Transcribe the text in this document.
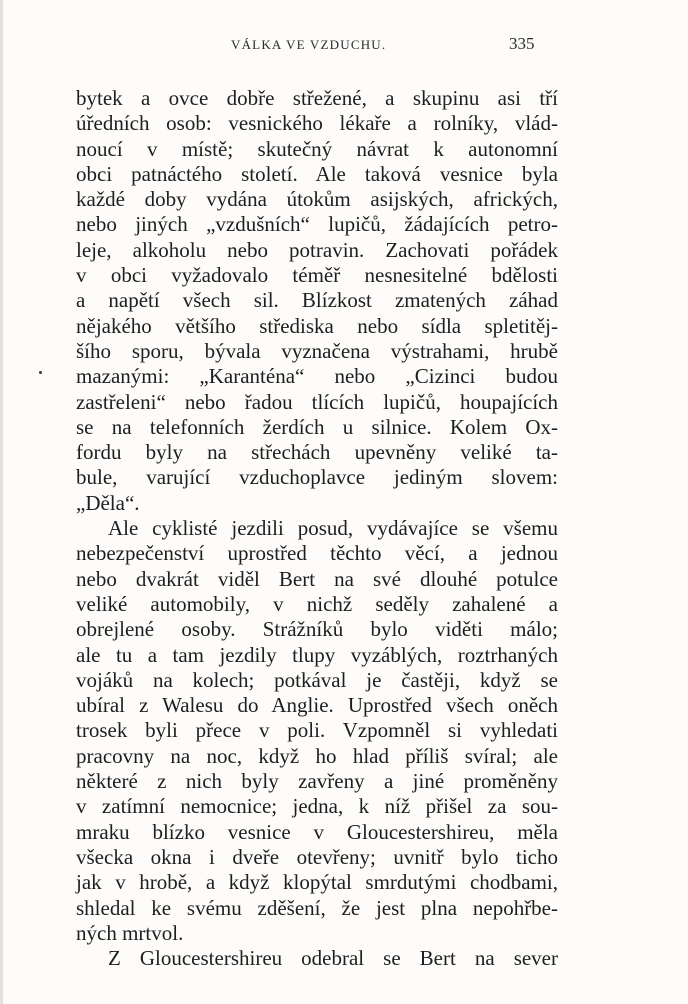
VÁLKA VE VZDUCHU.	335
bytek a ovce dobře střežené, a skupinu asi tří
úředních osob: vesnického lékaře a rolníky, vlád-
noucí v místě; skutečný návrat k autonomní
obci patnáctého století. Ale taková vesnice byla
každé doby vydána útokům asijských, afrických,
nebo jiných „vzdušních“ lupičů, žádajících petro-
leje, alkoholu nebo potravin. Zachovati pořádek
v obci vyžadovalo téměř nesnesitelné bdělosti
a napětí všech sil. Blízkost zmatených záhad
nějakého většího střediska nebo sídla spletitěj-
šího sporu, bývala vyznačena výstrahami, hrubě
mazanými: „Karanténa“ nebo „Cizinci budou
zastřeleni“ nebo řadou tlících lupičů, houpajících
se na telefonních žerdích u silnice. Kolem Ox-
fordu byly na střechách upevněny veliké ta-
bule, varující vzduchoplavce jediným slovem:
„Děla“.
Ale cyklisté jezdili posud, vydávajíce se všemu
nebezpečenství uprostřed těchto věcí, a jednou
nebo dvakrát viděl Bert na své dlouhé potulce
veliké automobily, v nichž seděly zahalené a
obrejlené osoby. Strážníků bylo viděti málo;
ale tu a tam jezdily tlupy vyzáblých, roztrhaných
vojáků na kolech; potkával je častěji, když se
ubíral z Walesu do Anglie. Uprostřed všech oněch
trosek byli přece v poli. Vzpomněl si vyhledati
pracovny na noc, když ho hlad příliš svíral; ale
některé z nich byly zavřeny a jiné proměněny
v zatímní nemocnice; jedna, k níž přišel za sou-
mraku blízko vesnice v Gloucestershireu, měla
všecka okna i dveře otevřeny; uvnitř bylo ticho
jak v hrobě, a když klopýtal smrdutými chodbami,
shledal ke svému zděšení, že jest plna nepohřbe-
ných mrtvol.
Z Gloucestershireu odebral se Bert na sever
